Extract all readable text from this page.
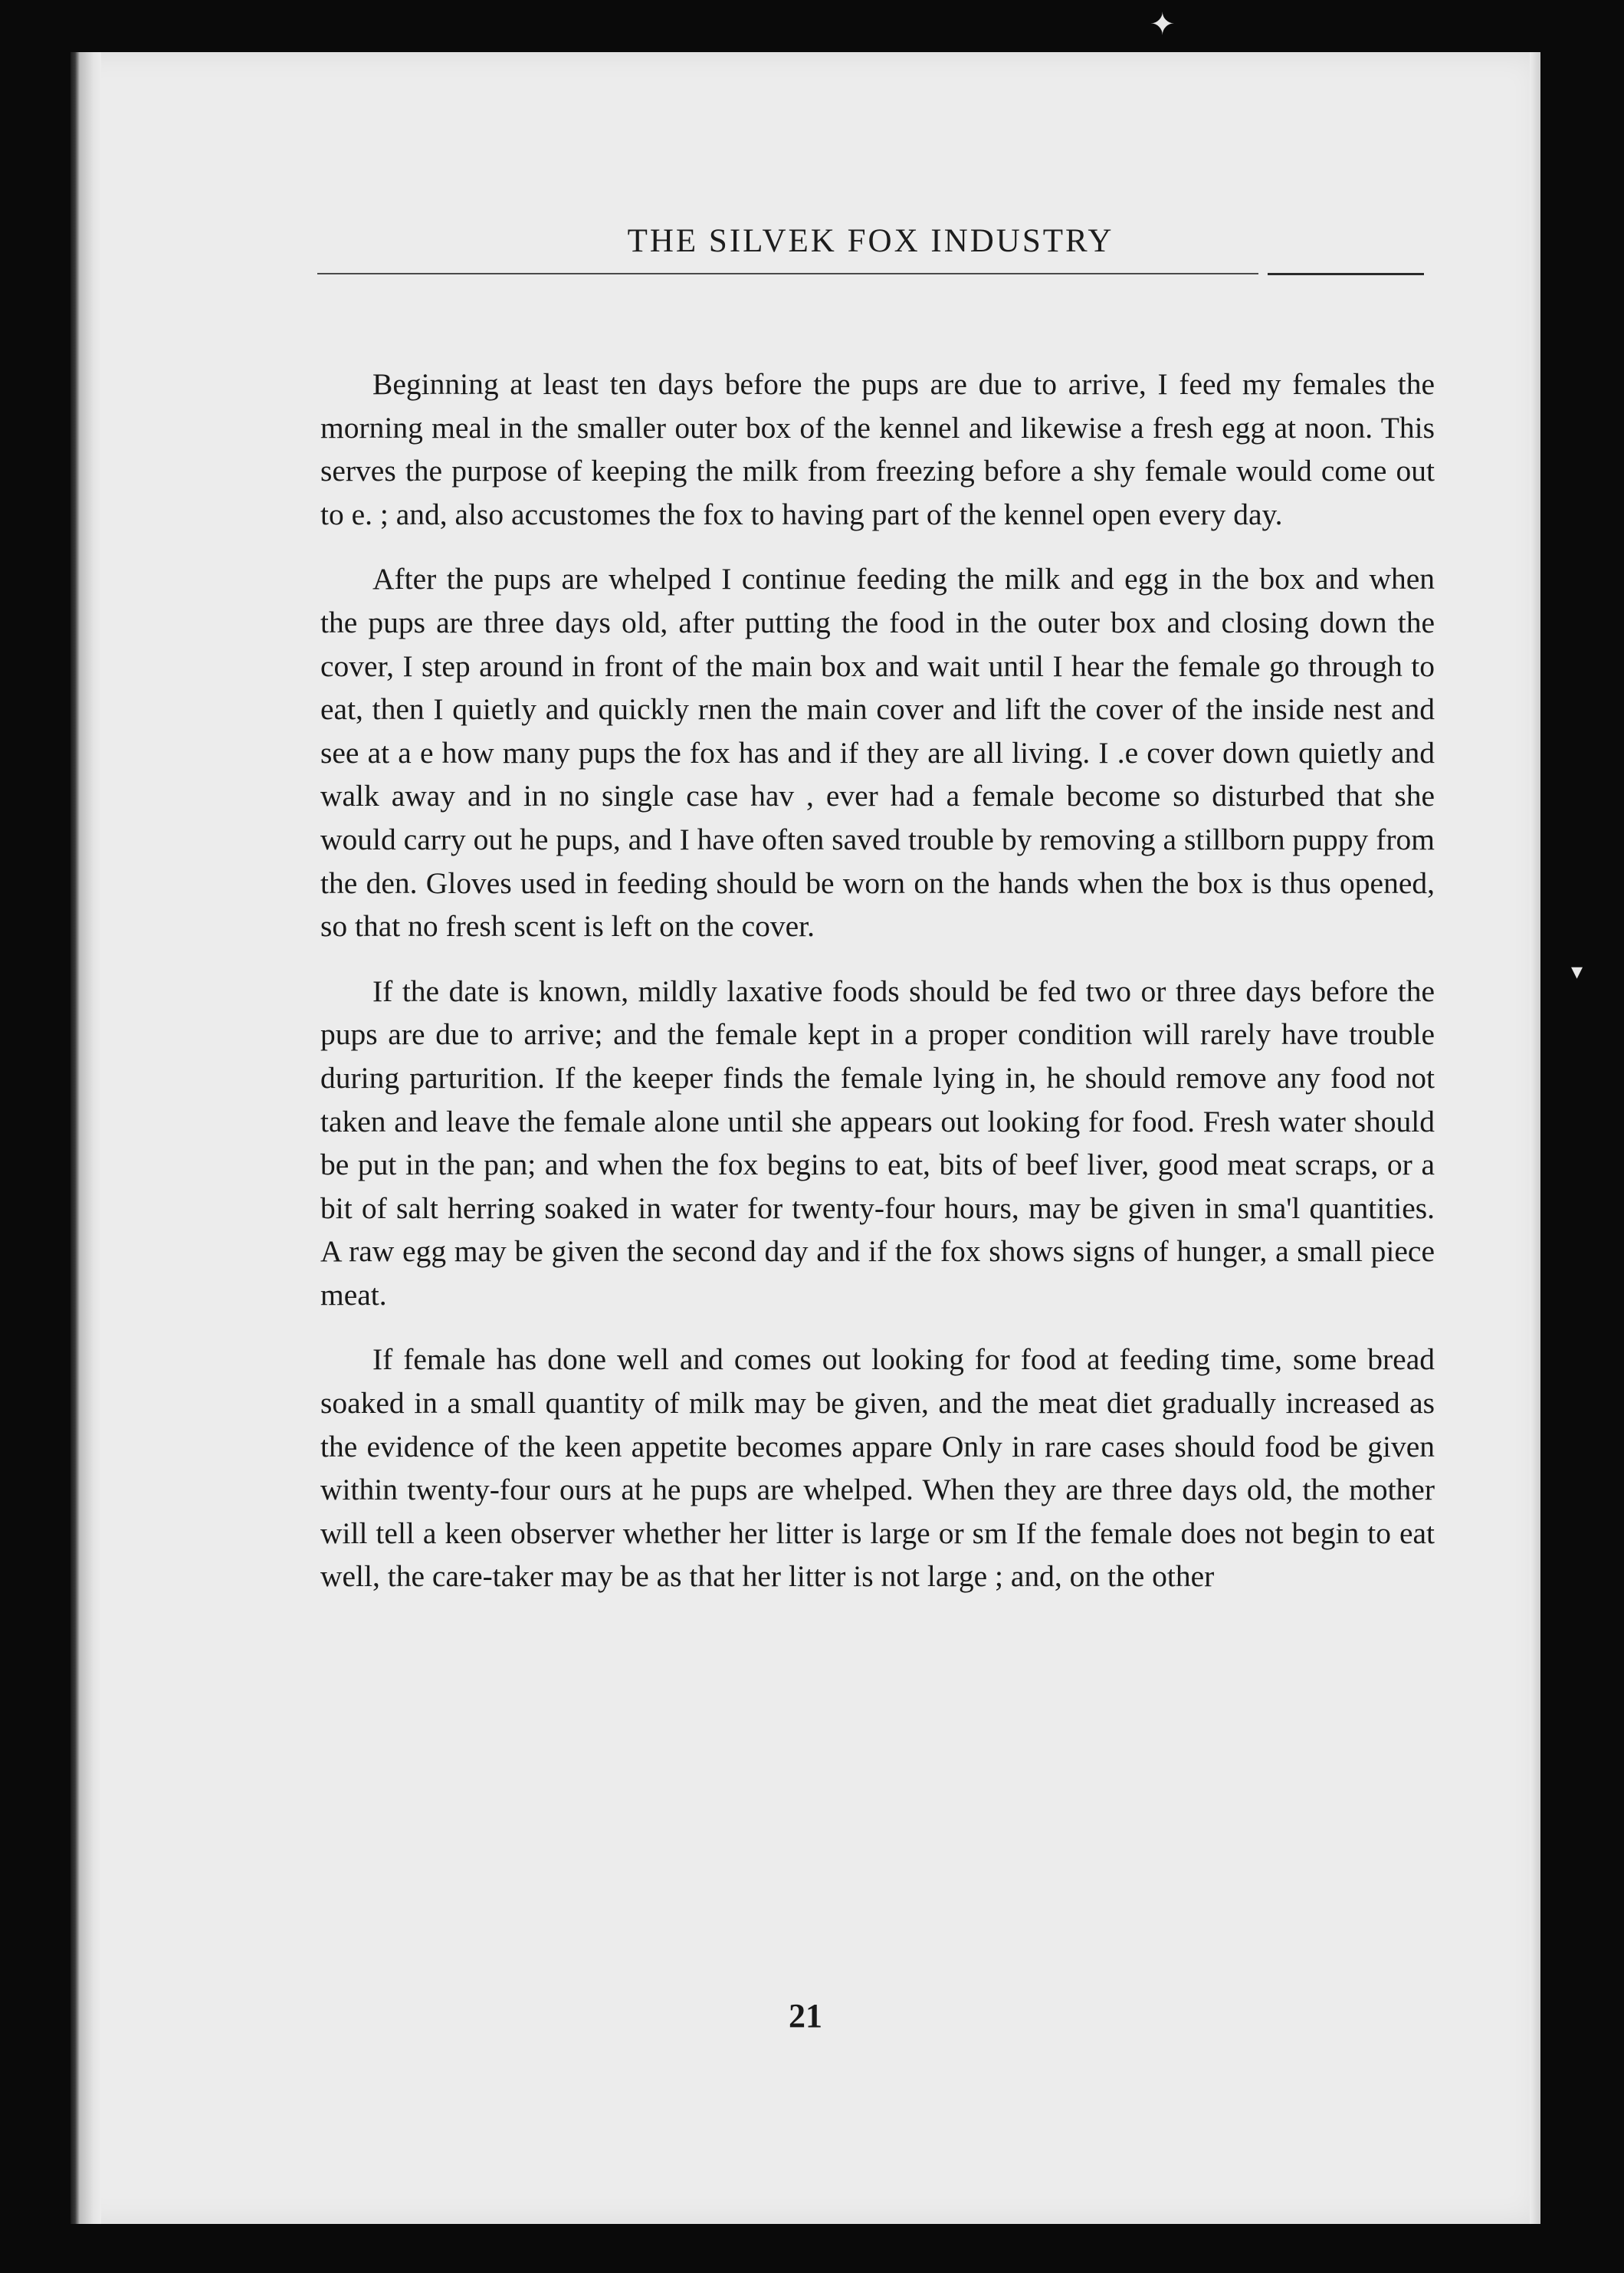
THE SILVEK FOX INDUSTRY

Beginning at least ten days before the pups are due to arrive, I feed my females the morning meal in the smaller outer box of the kennel and likewise a fresh egg at noon. This serves the purpose of keeping the milk from freezing before a shy female would come out to e. ; and, also accustomes the fox to having part of the kennel open every day.

After the pups are whelped I continue feeding the milk and egg in the box and when the pups are three days old, after putting the food in the outer box and closing down the cover, I step around in front of the main box and wait until I hear the female go through to eat, then I quietly and quickly rnen the main cover and lift the cover of the inside nest and see at a e how many pups the fox has and if they are all living. I .e cover down quietly and walk away and in no single case hav , ever had a female become so disturbed that she would carry out he pups, and I have often saved trouble by removing a stillborn puppy from the den. Gloves used in feeding should be worn on the hands when the box is thus opened, so that no fresh scent is left on the cover.

If the date is known, mildly laxative foods should be fed two or three days before the pups are due to arrive; and the female kept in a proper condition will rarely have trouble during parturition. If the keeper finds the female lying in, he should remove any food not taken and leave the female alone until she appears out looking for food. Fresh water should be put in the pan; and when the fox begins to eat, bits of beef liver, good meat scraps, or a bit of salt herring soaked in water for twenty-four hours, may be given in sma'l quantities. A raw egg may be given the second day and if the fox shows signs of hunger, a small piece meat.

If female has done well and comes out looking for food at feeding time, some bread soaked in a small quantity of milk may be given, and the meat diet gradually increased as the evidence of the keen appetite becomes appare Only in rare cases should food be given within twenty-four ours at he pups are whelped. When they are three days old, the mother will tell a keen observer whether her litter is large or sm If the female does not begin to eat well, the care-taker may be as that her litter is not large ; and, on the other

21
✦
▾
